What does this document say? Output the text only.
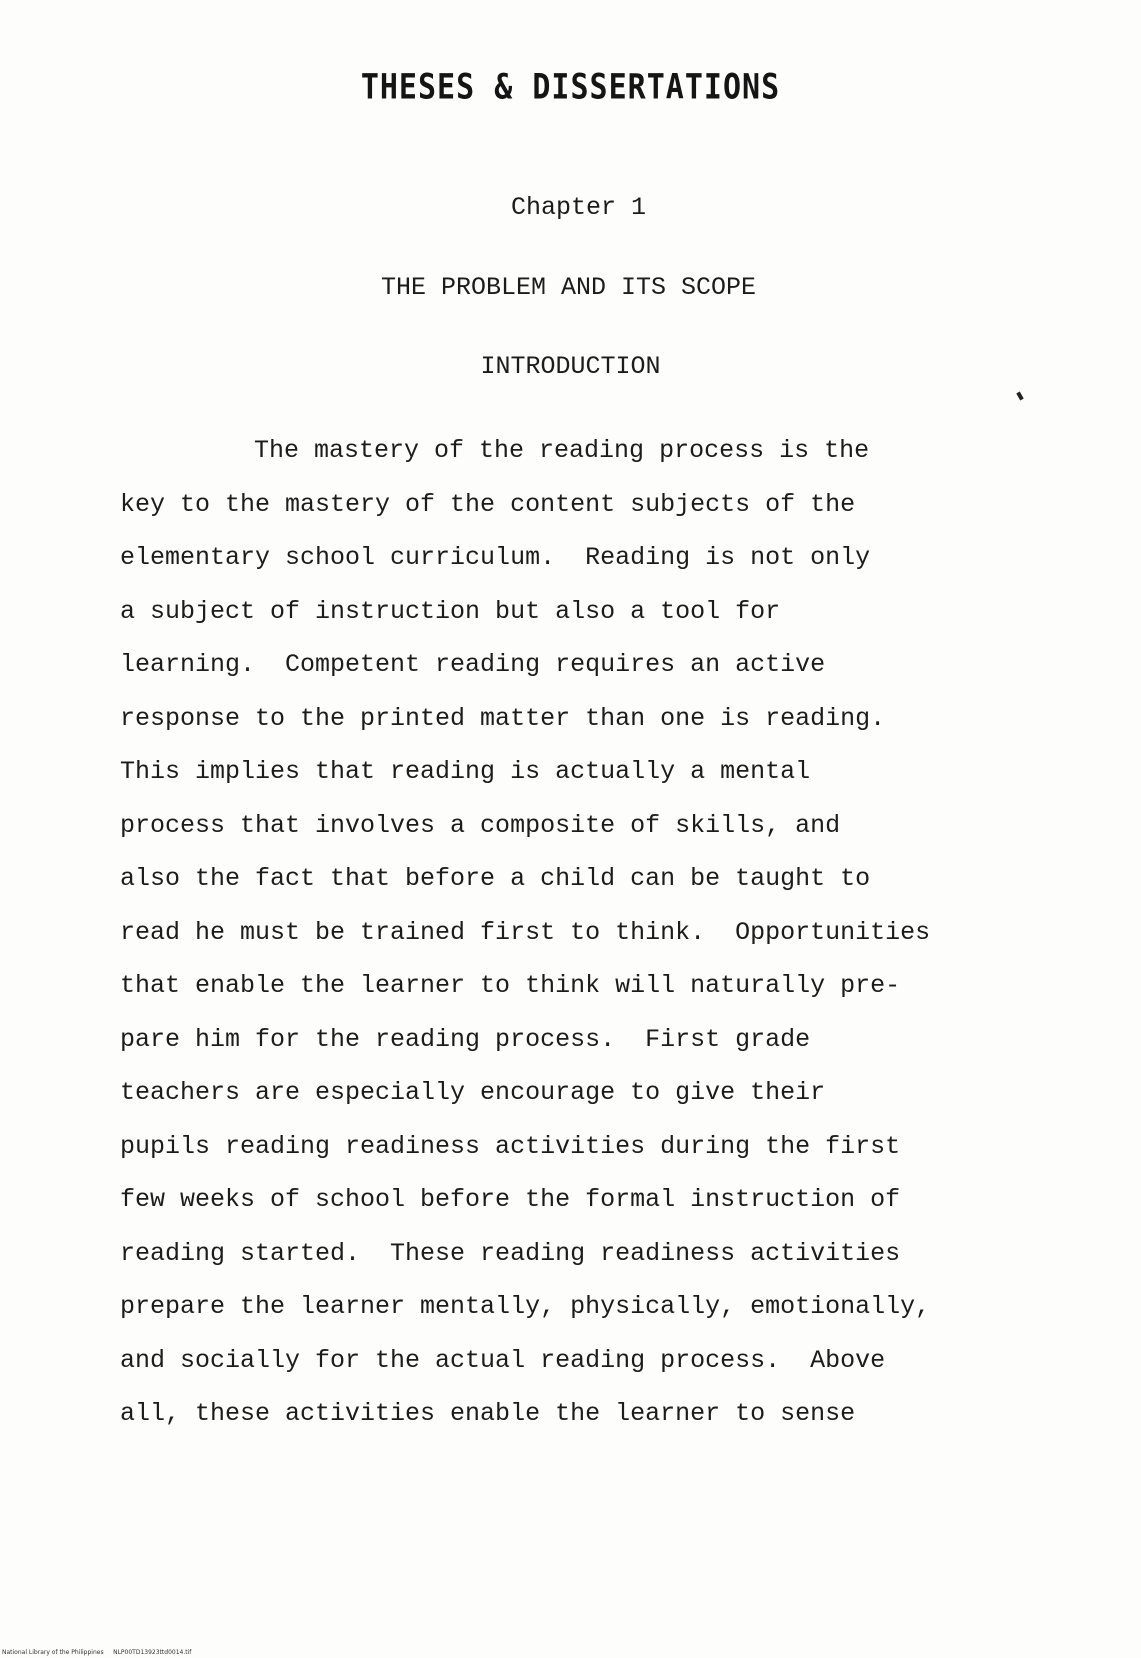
THESES & DISSERTATIONS
Chapter 1
THE PROBLEM AND ITS SCOPE
INTRODUCTION
The mastery of the reading process is the
key to the mastery of the content subjects of the
elementary school curriculum.  Reading is not only
a subject of instruction but also a tool for
learning.  Competent reading requires an active
response to the printed matter than one is reading.
This implies that reading is actually a mental
process that involves a composite of skills, and
also the fact that before a child can be taught to
read he must be trained first to think.  Opportunities
that enable the learner to think will naturally pre-
pare him for the reading process.  First grade
teachers are especially encourage to give their
pupils reading readiness activities during the first
few weeks of school before the formal instruction of
reading started.  These reading readiness activities
prepare the learner mentally, physically, emotionally,
and socially for the actual reading process.  Above
all, these activities enable the learner to sense
National Library of the Philippines     NLP00TD13923ttd0014.tif
